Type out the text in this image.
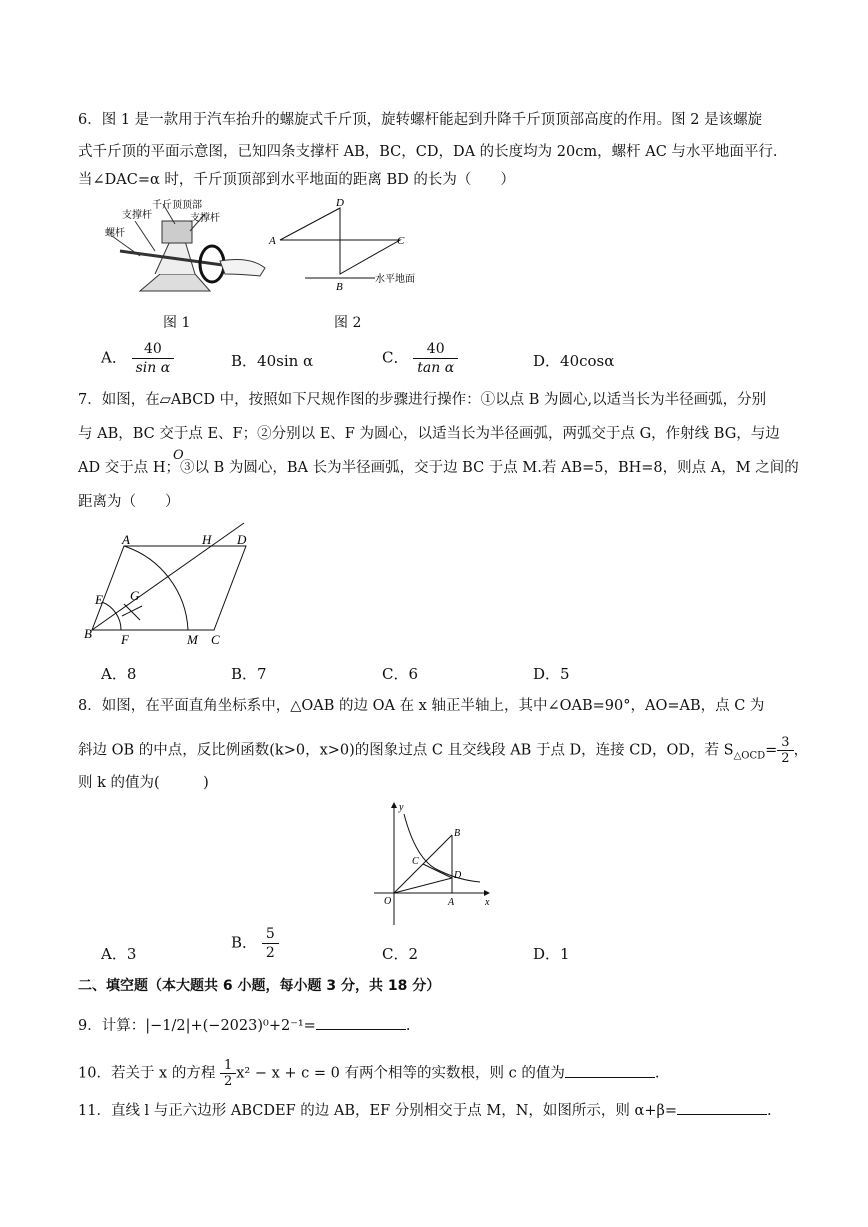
6．图 1 是一款用于汽车抬升的螺旋式千斤顶，旋转螺杆能起到升降千斤顶顶部高度的作用。图 2 是该螺旋
式千斤顶的平面示意图，已知四条支撑杆 AB，BC，CD，DA 的长度均为 20cm，螺杆 AC 与水平地面平行.
当∠DAC=α 时，千斤顶顶部到水平地面的距离 BD 的长为（　　）
千斤顶顶部
支撑杆	支撑杆
螺杆
图 1
D
A	C
B
水平地面
图 2
A． $\frac{40}{\text{sin α}}$	B．40sin α	C． $\frac{40}{\text{tan α}}$	D．40cosα
7．如图，在▱ABCD 中，按照如下尺规作图的步骤进行操作：①以点 B 为圆心,以适当长为半径画弧，分别
与 AB，BC 交于点 E、F；②分别以 E、F 为圆心，以适当长为半径画弧，两弧交于点 G，作射线 BG，与边
AD 交于点 H；③以 B 为圆心，BA 长为半径画弧，交于边 BC 于点 M.若 AB=5，BH=8，则点 A，M 之间的
O
距离为（　　）
A	H D
E G
B F	M C
A．8	B．7	C．6	D．5
8．如图，在平面直角坐标系中，△OAB 的边 OA 在 x 轴正半轴上，其中∠OAB=90°，AO=AB，点 C 为
斜边 OB 的中点，反比例函数(k>0，x>0)的图象过点 C 且交线段 AB 于点 D，连接 CD，OD，若 $S_{\triangle OCD}= \frac{3}{2}$ ，
则 k 的值为(　　　)
y
B
C
D
O	A	x
A．3
B． $\frac{5}{2}$	C．2	D．1
二、填空题（本大题共 6 小题，每小题 3 分，共 18 分）
9．计算：|−1/2|+(−2023)⁰+2⁻¹=	.
10．若关于 x 的方程 $\frac{1}{2} x^2 - x + c = 0$ 有两个相等的实数根，则 c 的值为	.
11．直线 l 与正六边形 ABCDEF 的边 AB，EF 分别相交于点 M，N，如图所示，则 α+β=	.
